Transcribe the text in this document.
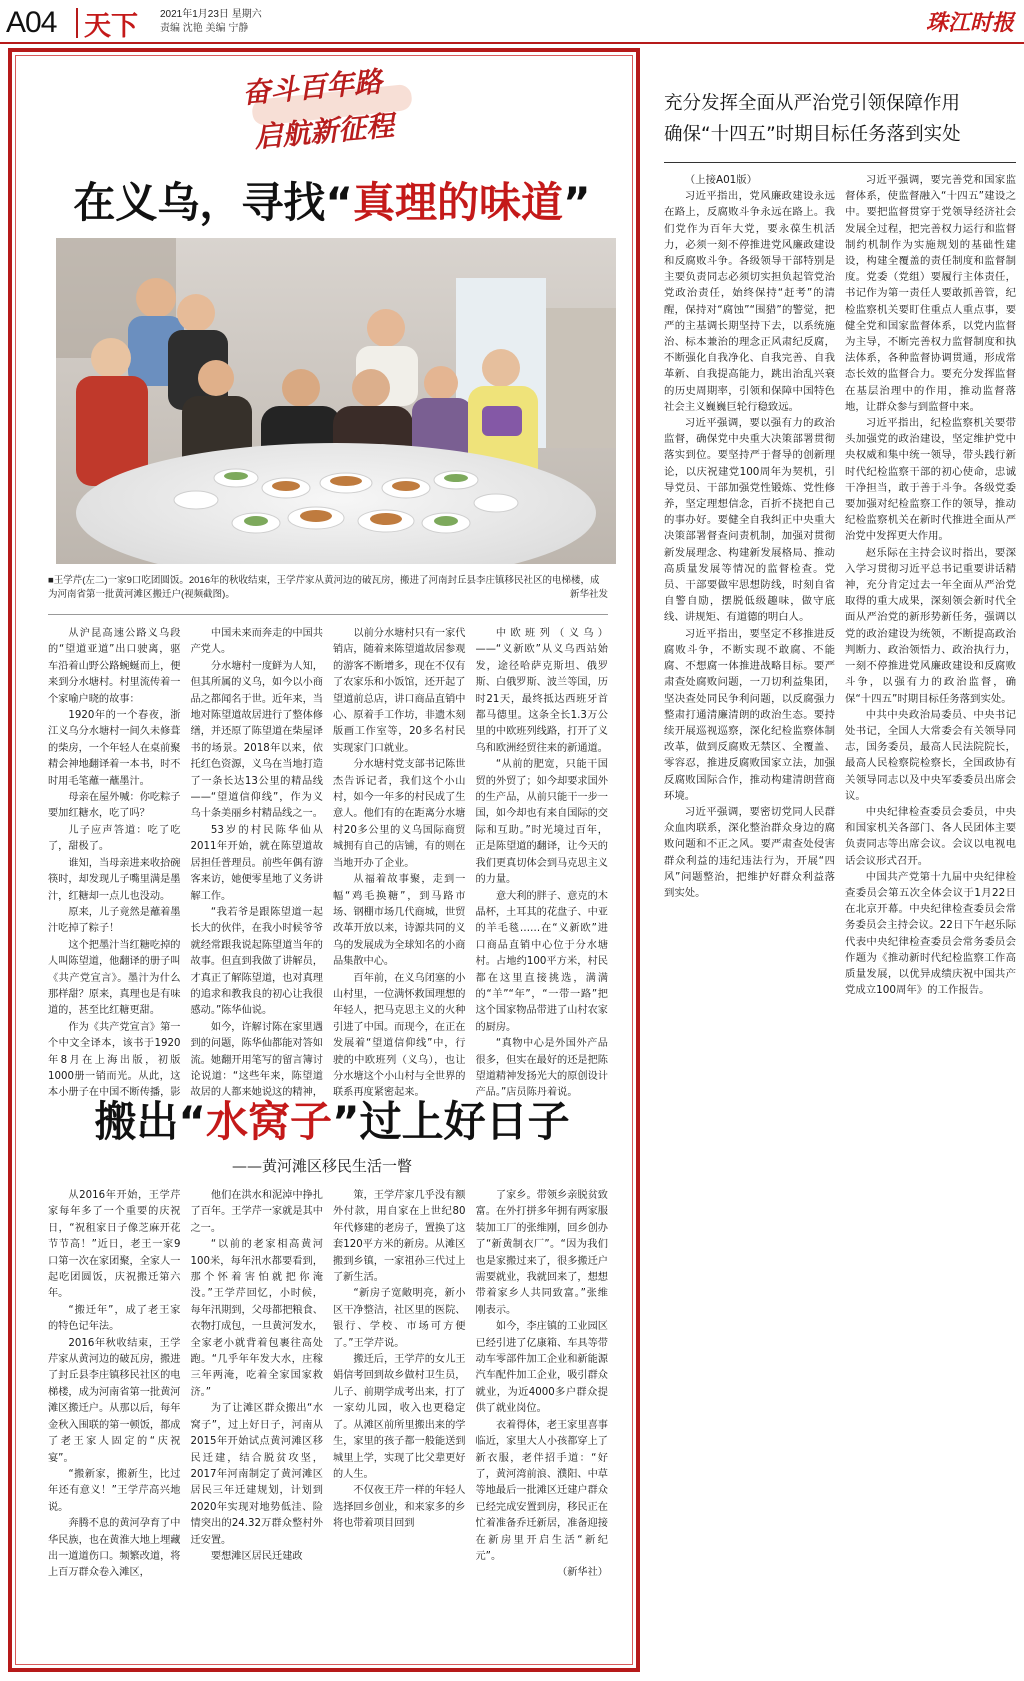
A04 天下 2021年1月23日 星期六
责编 沈艳 美编 宁静	珠江时报
奋斗百年路
启航新征程
在义乌，寻找“真理的味道”
■王学芹(左二)一家9口吃团圆饭。2016年的秋收结束，王学芹家从黄河边的破瓦房，搬进了河南封丘县李庄镇移民社区的电梯楼，成为河南省第一批黄河滩区搬迁户(视频截图)。	新华社发

从沪昆高速公路义乌段的“望道亚道”出口驶离，驱车沿着山野公路蜿蜒而上，便来到分水塘村。村里流传着一个家喻户晓的故事：

1920年的一个春夜，浙江义乌分水塘村一间久未修葺的柴房，一个年轻人在桌前聚精会神地翻译着一本书，时不时用毛笔蘸一蘸墨汁。

母亲在屋外喊：你吃粽子要加红糖水，吃了吗？

儿子应声答道：吃了吃了，甜极了。

谁知，当母亲进来收拾碗筷时，却发现儿子嘴里满是墨汁，红糖却一点儿也没动。

原来，儿子竟然是蘸着墨汁吃掉了粽子！

这个把墨汁当红糖吃掉的人叫陈望道，他翻译的册子叫《共产党宣言》。墨汁为什么那样甜？原来，真理也是有味道的，甚至比红糖更甜。

作为《共产党宣言》第一个中文全译本，该书于1920年8月在上海出版，初版1000册一销而光。从此，这本小册子在中国不断传播，影

中国未来而奔走的中国共产党人。

分水塘村一度鲜为人知，但其所属的义乌，如今以小商品之都闻名于世。近年来，当地对陈望道故居进行了整体修缮，并还原了陈望道在柴屋译书的场景。2018年以来，依托红色资源，义乌在当地打造了一条长达13公里的精品线——“望道信仰线”，作为义乌十条美丽乡村精品线之一。

53岁的村民陈华仙从2011年开始，就在陈望道故居担任普理员。前些年偶有游客来访，她便零星地了义务讲解工作。

“我若爷是跟陈望道一起长大的伙伴，在我小时候爷爷就经常跟我说起陈望道当年的故事。但直到我做了讲解员，才真正了解陈望道，也对真理的追求和教我良的初心让我很感动。”陈华仙说。

如今，许解讨陈在家里遇到的问题，陈华仙都能对答如流。她翻开用笔写的留言簿讨论说道：“这些年来，陈望道故居的人都来她说这的精神，

以前分水塘村只有一家代销店，随着来陈望道故居参观的游客不断增多，现在不仅有了农家乐和小饭馆，还开起了望道前总店，讲口商品直销中心、原着手工作坊，非遗木刻版画工作室等，20多名村民实现家门口就业。

分水塘村党支部书记陈世杰告诉记者，我们这个小山村，如今一年多的村民成了生意人。他们有的在距离分水塘村20多公里的义乌国际商贸城拥有自己的店铺，有的则在当地开办了企业。

从福着故事聚，走到一幅“鸡毛换糖”，到马路市场、钢棚市场几代商城，世贸改革开放以来，诗源共同的义乌的发展成为全球知名的小商品集散中心。

百年前，在义乌闭塞的小山村里，一位满怀救国理想的年轻人，把马克思主义的火种引进了中国。而现今，在正在发展着“望道信仰线”中，行驶的中欧班列（义乌），也让分水塘这个小山村与全世界的联系再度紧密起来。

中欧班列（义乌）——“义新欧”从义乌西站始发，途径哈萨克斯坦、俄罗斯、白俄罗斯、波兰等国，历时21天，最终抵达西班牙首都马德里。这条全长1.3万公里的中欧班列线路，打开了义乌和欧洲经贸往来的新通道。

“从前的肥宽，只能干国贸的外贸了；如今却要求国外的生产品，从前只能干一步一国，如今却也有来自国际的交际和互助。”时光境过百年，正是陈望道的翻译，让今天的我们更真切体会到马克思主义的力量。

意大利的胖子、意克的木晶杯，土耳其的花盘子、中亚的羊毛毯……在“义新欧”进口商品直销中心位于分水塘村。占地约100平方米，村民都在这里直接挑选，满满的“羊”“年”，“一带一路”把这个国家物品带进了山村农家的厨房。

“真物中心是外国外产品很多，但实在最好的还是把陈望道精神发扬光大的原创设计产品。”店员陈丹着说。

搬出“水窝子”过上好日子
——黄河滩区移民生活一瞥

从2016年开始，王学芹家每年多了一个重要的庆祝日，“祝租家日子像芝麻开花节节高！”近日，老王一家9口第一次在家团聚，全家人一起吃团圆饭，庆祝搬迁第六年。

“搬迁年”，成了老王家的特色记年法。

2016年秋收结束，王学芹家从黄河边的破瓦房，搬进了封丘县李庄镇移民社区的电梯楼，成为河南省第一批黄河滩区搬迁户。从那以后，每年金秋入围联的第一顿饭，都成了老王家人固定的“庆祝宴”。

“搬新家，搬新生，比过年还有意义！”王学芹高兴地说。

奔腾不息的黄河孕育了中华民族，也在黄淮大地上埋藏出一道道伤口。频繁改道，将上百万群众卷入滩区，

他们在洪水和泥淖中挣扎了百年。王学芹一家就是其中之一。

“以前的老家相高黄河100米，每年汛水都要看到，那个怀着害怕就把你淹没。”王学芹回忆，小时候，每年汛期到，父母都把粮食、衣物打成包，一旦黄河发水，全家老小就背着包裹往高处跑。“几乎年年发大水，庄稼三年两淹，吃着全家国家救济。”

为了让滩区群众搬出“水窝子”，过上好日子，河南从2015年开始试点黄河滩区移民迁建，结合脱贫攻坚，2017年河南制定了黄河滩区居民三年迁建规划，计划到2020年实现对地势低洼、险情突出的24.32万群众整村外迁安置。

要想滩区居民迁建政

策，王学芹家几乎没有额外付款，用自家在上世纪80年代修建的老房子，置换了这套120平方米的新房。从滩区搬到乡镇，一家祖孙三代过上了新生活。

“新房子宽敞明亮，新小区干净整洁，社区里的医院、银行、学校、市场可方便了。”王学芹说。

搬迁后，王学芹的女儿王娟信考回到故乡做村卫生员，儿子、前期学成考出来，打了一家幼儿园，收入也更稳定了。从滩区前所里搬出来的学生，家里的孩子都一般能送到城里上学，实现了比父辈更好的人生。

不仅夜王芹一样的年轻人选择回乡创业，和来家多的乡将也带着项目回到

了家乡。带领乡亲脱贫致富。在外打拼多年拥有两家服装加工厂的张维刚，回乡创办了“新黄制衣厂”。“因为我们也是家搬过来了，很多搬迁户需要就业，我就回来了，想想带着家乡人共同致富。”张维刚表示。

如今，李庄镇的工业园区已经引进了亿康箱、车具等带动车零部件加工企业和新能源汽车配件加工企业，吸引群众就业，为近4000多户群众提供了就业岗位。

衣着得体，老王家里喜事临近，家里大人小孩都穿上了新衣服，老伴招手道：“好了，黄河湾前浪、濮阳、中草等地最后一批滩区迁建户群众已经完成安置到房，移民正在忙着准备乔迁新居，准备迎接在新房里开启生活“新纪元”。

（新华社）

充分发挥全面从严治党引领保障作用
确保“十四五”时期目标任务落到实处

（上接A01版）

习近平指出，党风廉政建设永远在路上，反腐败斗争永远在路上。我们党作为百年大党，要永葆生机活力，必须一刻不停推进党风廉政建设和反腐败斗争。各级领导干部特别是主要负责同志必须切实担负起管党治党政治责任，始终保持“赶考”的清醒，保持对“腐蚀”“围猎”的警觉，把严的主基调长期坚持下去，以系统施治、标本兼治的理念正风肃纪反腐，不断强化自我净化、自我完善、自我革新、自我提高能力，跳出治乱兴衰的历史周期率，引领和保障中国特色社会主义巍巍巨轮行稳致远。

习近平强调，要以强有力的政治监督，确保党中央重大决策部署贯彻落实到位。要坚持严于督导的创新理论，以庆祝建党100周年为契机，引导党员、干部加强党性锻炼、党性修养，坚定理想信念，百折不挠把自己的事办好。要健全自我纠正中央重大决策部署督查问责机制，加强对贯彻新发展理念、构建新发展格局、推动高质量发展等情况的监督检查。党员、干部要做牢思想防线，时刻自省自警自励，摆脱低级趣味，做守底线、讲规矩、有道德的明白人。

习近平指出，要坚定不移推进反腐败斗争，不断实现不敢腐、不能腐、不想腐一体推进战略目标。要严肃查处腐败问题，一刀切利益集团，坚决查处同民争利问题，以反腐强力整肃打通清廉清朗的政治生态。要持续开展巡视巡察，深化纪检监察体制改革，做到反腐败无禁区、全覆盖、零容忍，推进反腐败国家立法，加强反腐败国际合作，推动构建清朗营商环境。

习近平强调，要密切党同人民群众血肉联系，深化整治群众身边的腐败问题和不正之风。要严肃查处侵害群众利益的违纪违法行为，开展“四风”问题整治，把维护好群众利益落到实处。

习近平强调，要完善党和国家监督体系，使监督融入“十四五”建设之中。要把监督贯穿于党领导经济社会发展全过程，把完善权力运行和监督制约机制作为实施规划的基础性建设，构建全覆盖的责任制度和监督制度。党委（党组）要履行主体责任，书记作为第一责任人要敢抓善管，纪检监察机关要盯住重点人重点事，要健全党和国家监督体系，以党内监督为主导，不断完善权力监督制度和执法体系，各种监督协调贯通，形成常态长效的监督合力。要充分发挥监督在基层治理中的作用，推动监督落地，让群众参与到监督中来。

习近平指出，纪检监察机关要带头加强党的政治建设，坚定维护党中央权威和集中统一领导，带头践行新时代纪检监察干部的初心使命，忠诚干净担当，敢于善于斗争。各级党委要加强对纪检监察工作的领导，推动纪检监察机关在新时代推进全面从严治党中发挥更大作用。

赵乐际在主持会议时指出，要深入学习贯彻习近平总书记重要讲话精神，充分肯定过去一年全面从严治党取得的重大成果，深刻领会新时代全面从严治党的新形势新任务，强调以党的政治建设为统领，不断提高政治判断力、政治领悟力、政治执行力，一刻不停推进党风廉政建设和反腐败斗争，以强有力的政治监督，确保“十四五”时期目标任务落到实处。

中共中央政治局委员、中央书记处书记，全国人大常委会有关领导同志，国务委员，最高人民法院院长，最高人民检察院检察长，全国政协有关领导同志以及中央军委委员出席会议。

中央纪律检查委员会委员，中央和国家机关各部门、各人民团体主要负责同志等出席会议。会议以电视电话会议形式召开。

中国共产党第十九届中央纪律检查委员会第五次全体会议于1月22日在北京开幕。中央纪律检查委员会常务委员会主持会议。22日下午赵乐际代表中央纪律检查委员会常务委员会作题为《推动新时代纪检监察工作高质量发展，以优异成绩庆祝中国共产党成立100周年》的工作报告。
